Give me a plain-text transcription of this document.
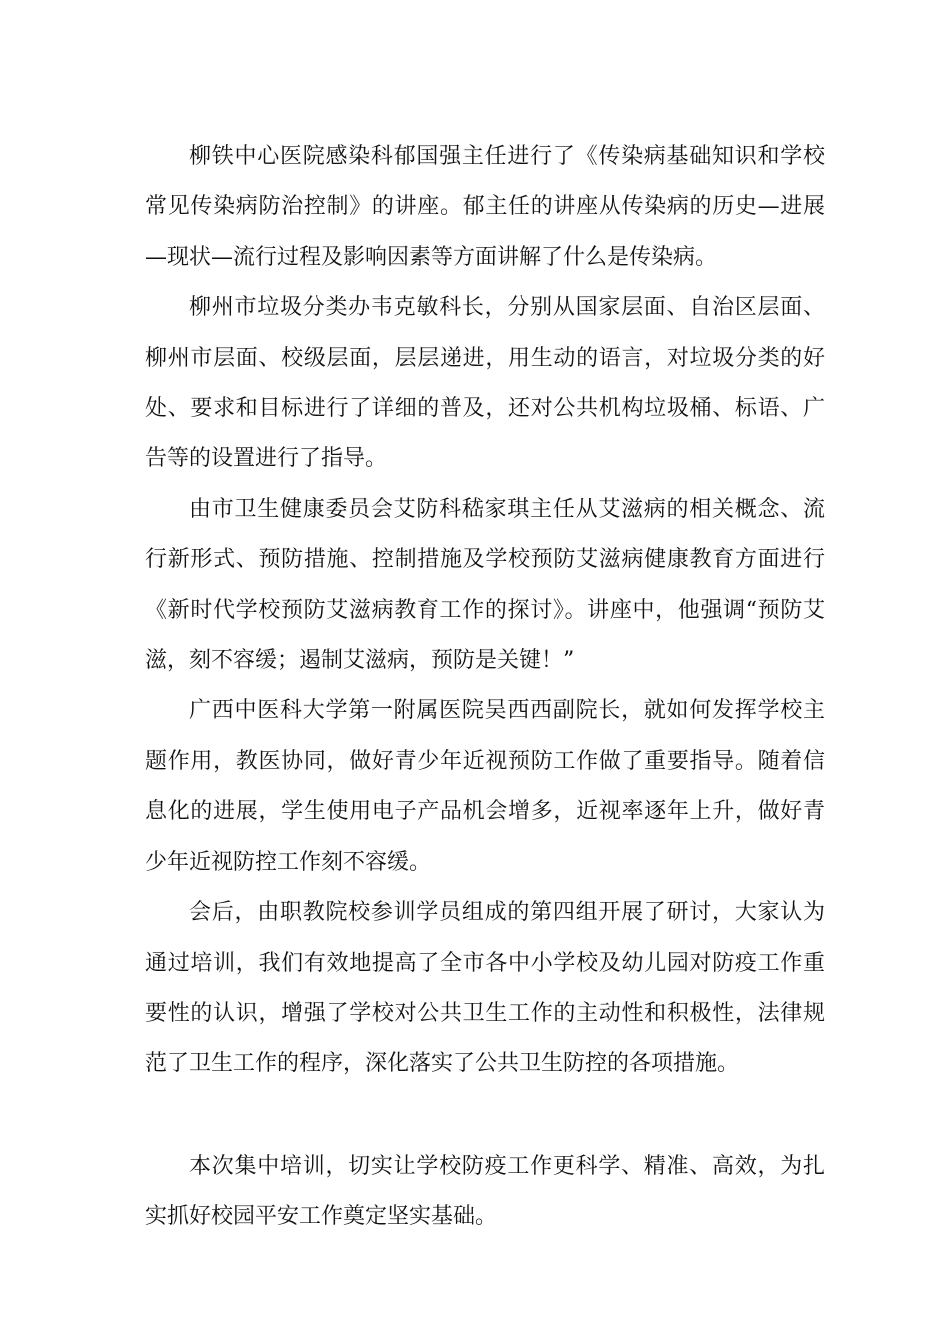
柳铁中心医院感染科郁国强主任进行了《传染病基础知识和学校常见传染病防治控制》的讲座。郁主任的讲座从传染病的历史—进展—现状—流行过程及影响因素等方面讲解了什么是传染病。

柳州市垃圾分类办韦克敏科长，分别从国家层面、自治区层面、柳州市层面、校级层面，层层递进，用生动的语言，对垃圾分类的好处、要求和目标进行了详细的普及，还对公共机构垃圾桶、标语、广告等的设置进行了指导。

由市卫生健康委员会艾防科嵇家琪主任从艾滋病的相关概念、流行新形式、预防措施、控制措施及学校预防艾滋病健康教育方面进行《新时代学校预防艾滋病教育工作的探讨》。讲座中，他强调“预防艾滋，刻不容缓；遏制艾滋病，预防是关键！”

广西中医科大学第一附属医院吴西西副院长，就如何发挥学校主题作用，教医协同，做好青少年近视预防工作做了重要指导。随着信息化的进展，学生使用电子产品机会增多，近视率逐年上升，做好青少年近视防控工作刻不容缓。

会后，由职教院校参训学员组成的第四组开展了研讨，大家认为通过培训，我们有效地提高了全市各中小学校及幼儿园对防疫工作重要性的认识，增强了学校对公共卫生工作的主动性和积极性，法律规范了卫生工作的程序，深化落实了公共卫生防控的各项措施。

本次集中培训，切实让学校防疫工作更科学、精准、高效，为扎实抓好校园平安工作奠定坚实基础。
